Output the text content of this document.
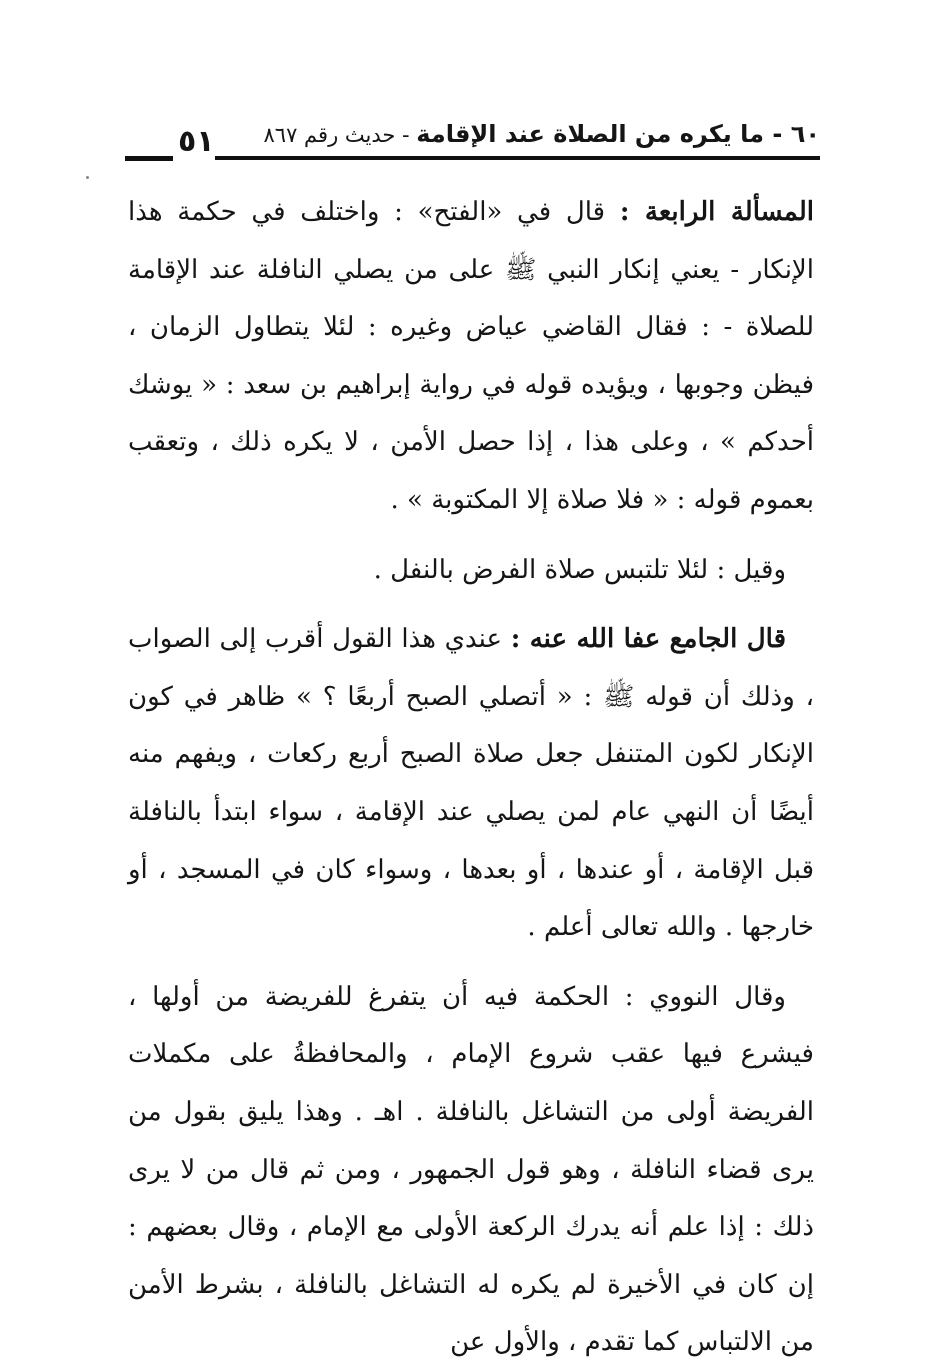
٥١	٦٠ - ما يكره من الصلاة عند الإقامة - حديث رقم ٨٦٧

المسألة الرابعة : قال في «الفتح» : واختلف في حكمة هذا الإنكار - يعني إنكار النبي ﷺ على من يصلي النافلة عند الإقامة للصلاة - : فقال القاضي عياض وغيره : لئلا يتطاول الزمان ، فيظن وجوبها ، ويؤيده قوله في رواية إبراهيم بن سعد : « يوشك أحدكم » ، وعلى هذا ، إذا حصل الأمن ، لا يكره ذلك ، وتعقب بعموم قوله : « فلا صلاة إلا المكتوبة » .

وقيل : لئلا تلتبس صلاة الفرض بالنفل .

قال الجامع عفا الله عنه : عندي هذا القول أقرب إلى الصواب ، وذلك أن قوله ﷺ : « أتصلي الصبح أربعًا ؟ » ظاهر في كون الإنكار لكون المتنفل جعل صلاة الصبح أربع ركعات ، ويفهم منه أيضًا أن النهي عام لمن يصلي عند الإقامة ، سواء ابتدأ بالنافلة قبل الإقامة ، أو عندها ، أو بعدها ، وسواء كان في المسجد ، أو خارجها . والله تعالى أعلم .

وقال النووي : الحكمة فيه أن يتفرغ للفريضة من أولها ، فيشرع فيها عقب شروع الإمام ، والمحافظةُ على مكملات الفريضة أولى من التشاغل بالنافلة . اهـ . وهذا يليق بقول من يرى قضاء النافلة ، وهو قول الجمهور ، ومن ثم قال من لا يرى ذلك : إذا علم أنه يدرك الركعة الأولى مع الإمام ، وقال بعضهم : إن كان في الأخيرة لم يكره له التشاغل بالنافلة ، بشرط الأمن من الالتباس كما تقدم ، والأول عن
